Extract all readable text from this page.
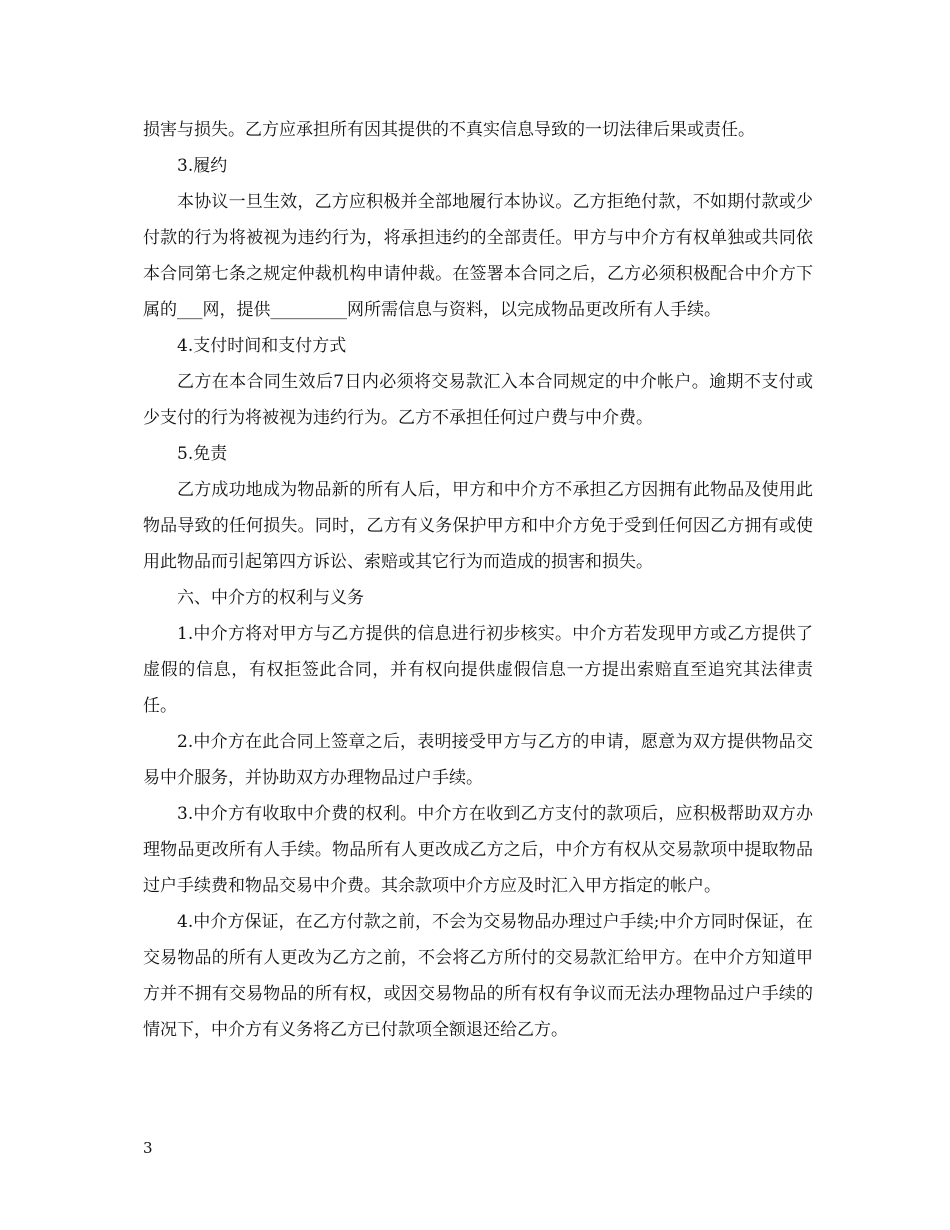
损害与损失。乙方应承担所有因其提供的不真实信息导致的一切法律后果或责任。

3.履约

本协议一旦生效，乙方应积极并全部地履行本协议。乙方拒绝付款，不如期付款或少付款的行为将被视为违约行为，将承担违约的全部责任。甲方与中介方有权单独或共同依本合同第七条之规定仲裁机构申请仲裁。在签署本合同之后，乙方必须积极配合中介方下属的___网，提供_________网所需信息与资料，以完成物品更改所有人手续。

4.支付时间和支付方式

乙方在本合同生效后7日内必须将交易款汇入本合同规定的中介帐户。逾期不支付或少支付的行为将被视为违约行为。乙方不承担任何过户费与中介费。

5.免责

乙方成功地成为物品新的所有人后，甲方和中介方不承担乙方因拥有此物品及使用此物品导致的任何损失。同时，乙方有义务保护甲方和中介方免于受到任何因乙方拥有或使用此物品而引起第四方诉讼、索赔或其它行为而造成的损害和损失。

六、中介方的权利与义务

1.中介方将对甲方与乙方提供的信息进行初步核实。中介方若发现甲方或乙方提供了虚假的信息，有权拒签此合同，并有权向提供虚假信息一方提出索赔直至追究其法律责任。

2.中介方在此合同上签章之后，表明接受甲方与乙方的申请，愿意为双方提供物品交易中介服务，并协助双方办理物品过户手续。

3.中介方有收取中介费的权利。中介方在收到乙方支付的款项后，应积极帮助双方办理物品更改所有人手续。物品所有人更改成乙方之后，中介方有权从交易款项中提取物品过户手续费和物品交易中介费。其余款项中介方应及时汇入甲方指定的帐户。

4.中介方保证，在乙方付款之前，不会为交易物品办理过户手续;中介方同时保证，在交易物品的所有人更改为乙方之前，不会将乙方所付的交易款汇给甲方。在中介方知道甲方并不拥有交易物品的所有权，或因交易物品的所有权有争议而无法办理物品过户手续的情况下，中介方有义务将乙方已付款项全额退还给乙方。

3
